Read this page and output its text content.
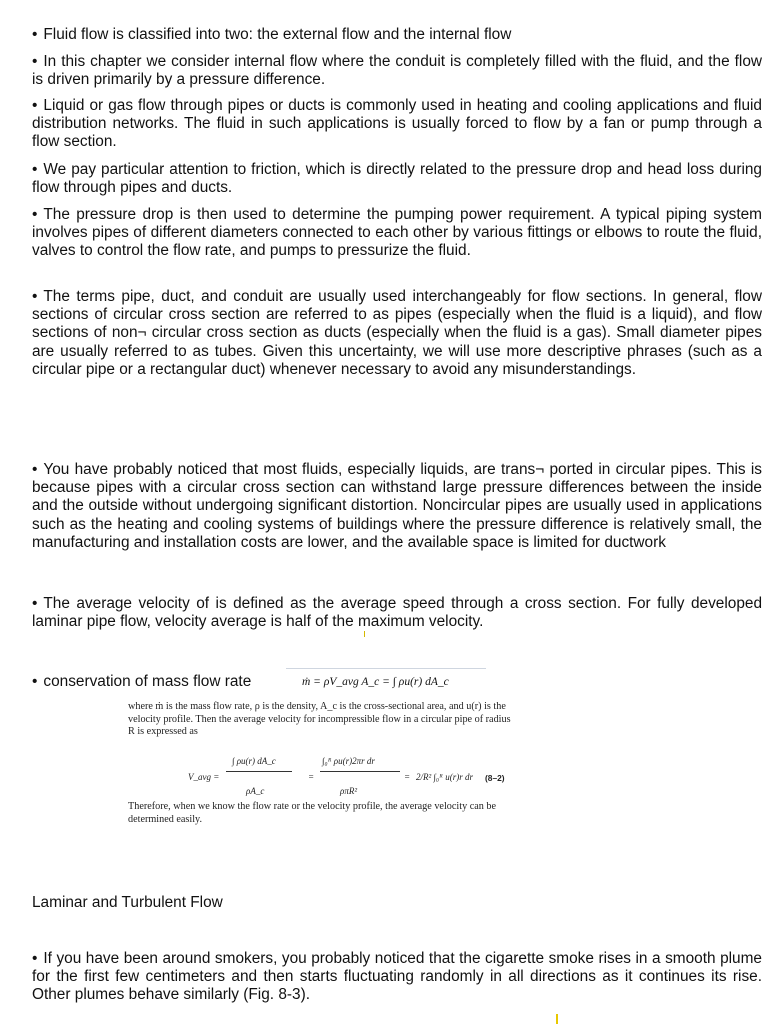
• Fluid flow is classified into two: the external flow and the internal flow

• In this chapter we consider internal flow where the conduit is completely filled with the fluid, and the flow is driven primarily by a pressure difference.

• Liquid or gas flow through pipes or ducts is commonly used in heating and cooling applications and fluid distribution networks. The fluid in such applications is usually forced to flow by a fan or pump through a flow section.

• We pay particular attention to friction, which is directly related to the pressure drop and head loss during flow through pipes and ducts.

• The pressure drop is then used to determine the pumping power requirement. A typical piping system involves pipes of different diameters connected to each other by various fittings or elbows to route the fluid, valves to control the flow rate, and pumps to pressurize the fluid.

• The terms pipe, duct, and conduit are usually used interchangeably for flow sections. In general, flow sections of circular cross section are referred to as pipes (especially when the fluid is a liquid), and flow sections of non¬ circular cross section as ducts (especially when the fluid is a gas). Small diameter pipes are usually referred to as tubes. Given this uncertainty, we will use more descriptive phrases (such as a circular pipe or a rectangular duct) whenever necessary to avoid any misunderstandings.

• You have probably noticed that most fluids, especially liquids, are trans¬ ported in circular pipes. This is because pipes with a circular cross section can withstand large pressure differences between the inside and the outside without undergoing significant distortion. Noncircular pipes are usually used in applications such as the heating and cooling systems of buildings where the pressure difference is relatively small, the manufacturing and installation costs are lower, and the available space is limited for ductwork

• The average velocity of is defined as the average speed through a cross section. For fully developed laminar pipe flow, velocity average is half of the maximum velocity.

• conservation of mass flow rate	ṁ = ρV_avg A_c = ∫ ρu(r) dA_c

where ṁ is the mass flow rate, ρ is the density, A_c is the cross-sectional area, and u(r) is the velocity profile. Then the average velocity for incompressible flow in a circular pipe of radius R is expressed as

V_avg =
∫ ρu(r) dA_c
ρA_c
=
∫₀ᴿ ρu(r)2πr dr
ρπR²
= 2/R² ∫₀ᴿ u(r)r dr (8–2)

Therefore, when we know the flow rate or the velocity profile, the average velocity can be determined easily.

Laminar and Turbulent Flow

• If you have been around smokers, you probably noticed that the cigarette smoke rises in a smooth plume for the first few centimeters and then starts fluctuating randomly in all directions as it continues its rise. Other plumes behave similarly (Fig. 8-3).
